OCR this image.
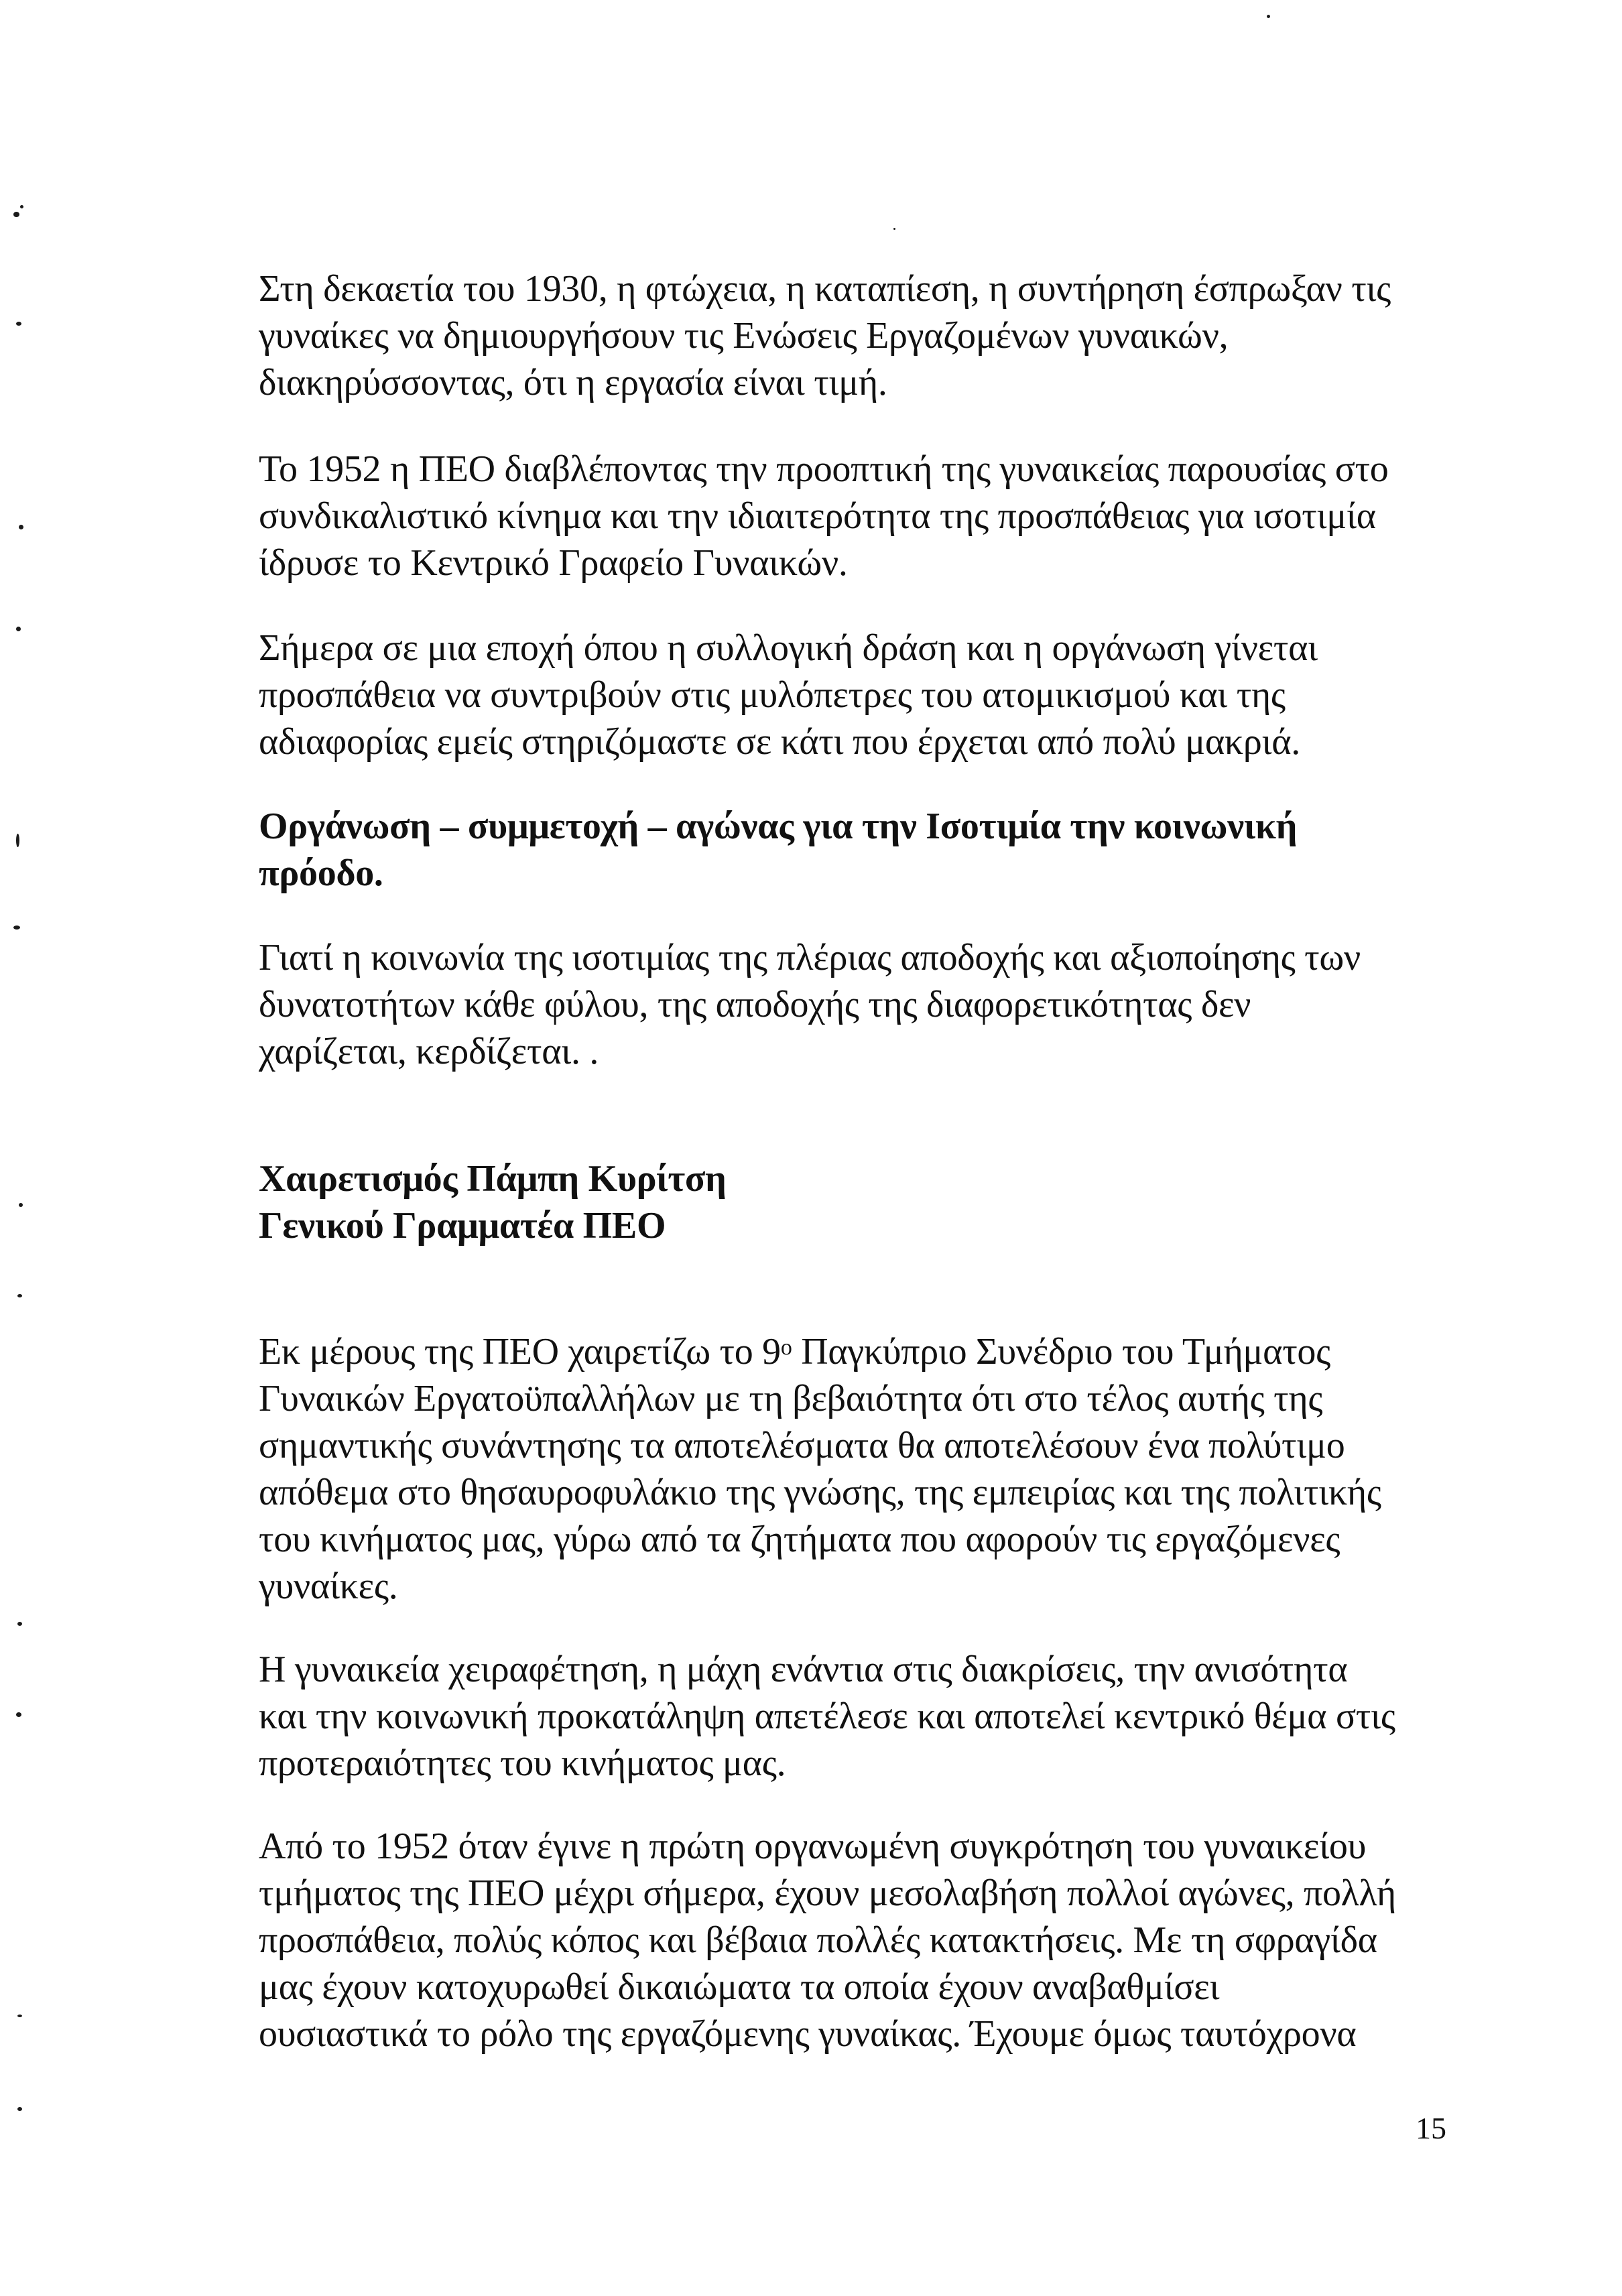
Στη δεκαετία του 1930, η φτώχεια, η καταπίεση, η συντήρηση έσπρωξαν τις

γυναίκες να δημιουργήσουν τις Ενώσεις Εργαζομένων γυναικών,

διακηρύσσοντας, ότι η εργασία είναι τιμή.

Το 1952 η ΠΕΟ διαβλέποντας την προοπτική της γυναικείας παρουσίας στο

συνδικαλιστικό κίνημα και την ιδιαιτερότητα της προσπάθειας για ισοτιμία

ίδρυσε το Κεντρικό Γραφείο Γυναικών.

Σήμερα σε μια εποχή όπου η συλλογική δράση και η οργάνωση γίνεται

προσπάθεια να συντριβούν στις μυλόπετρες του ατομικισμού και της

αδιαφορίας εμείς στηριζόμαστε σε κάτι που έρχεται από πολύ μακριά.

Οργάνωση – συμμετοχή – αγώνας για την Ισοτιμία την κοινωνική

πρόοδο.

Γιατί η κοινωνία της ισοτιμίας της πλέριας αποδοχής και αξιοποίησης των

δυνατοτήτων κάθε φύλου, της αποδοχής της διαφορετικότητας δεν

χαρίζεται, κερδίζεται. .

Χαιρετισμός Πάμπη Κυρίτση

Γενικού Γραμματέα ΠΕΟ

Εκ μέρους της ΠΕΟ χαιρετίζω το $9^o$ Παγκύπριο Συνέδριο του Τμήματος

Γυναικών Εργατοϋπαλλήλων με τη βεβαιότητα ότι στο τέλος αυτής της

σημαντικής συνάντησης τα αποτελέσματα θα αποτελέσουν ένα πολύτιμο

απόθεμα στο θησαυροφυλάκιο της γνώσης, της εμπειρίας και της πολιτικής

του κινήματος μας, γύρω από τα ζητήματα που αφορούν τις εργαζόμενες

γυναίκες.

Η γυναικεία χειραφέτηση, η μάχη ενάντια στις διακρίσεις, την ανισότητα

και την κοινωνική προκατάληψη απετέλεσε και αποτελεί κεντρικό θέμα στις

προτεραιότητες του κινήματος μας.

Από το 1952 όταν έγινε η πρώτη οργανωμένη συγκρότηση του γυναικείου

τμήματος της ΠΕΟ μέχρι σήμερα, έχουν μεσολαβήση πολλοί αγώνες, πολλή

προσπάθεια, πολύς κόπος και βέβαια πολλές κατακτήσεις. Με τη σφραγίδα

μας έχουν κατοχυρωθεί δικαιώματα τα οποία έχουν αναβαθμίσει

ουσιαστικά το ρόλο της εργαζόμενης γυναίκας. Έχουμε όμως ταυτόχρονα

15
